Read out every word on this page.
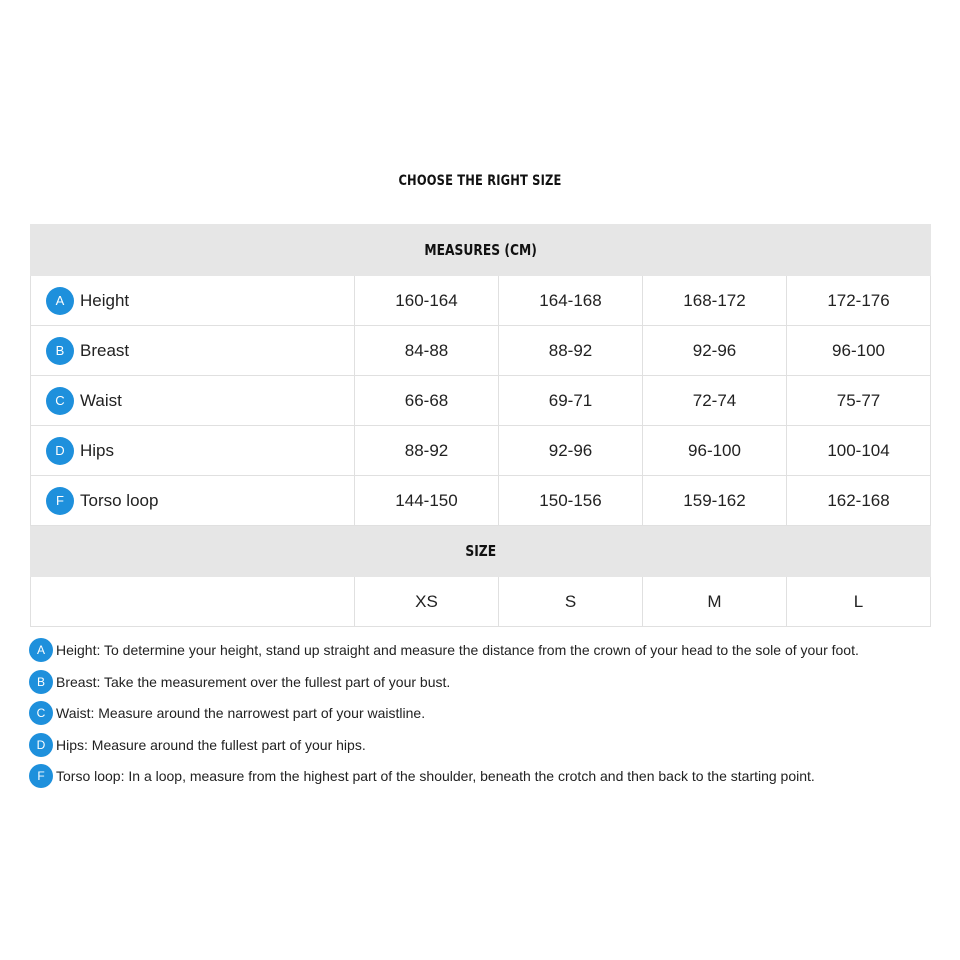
CHOOSE THE RIGHT SIZE
MEASURES (CM)				

A Height	160-164	164-168	168-172	172-176

B Breast	84-88	88-92	92-96	96-100

C Waist	66-68	69-71	72-74	75-77

D Hips	88-92	92-96	96-100	100-104

F Torso loop	144-150	150-156	159-162	162-168
SIZE				
	XS	S	M	L
A Height: To determine your height, stand up straight and measure the distance from the crown of your head to the sole of your foot.
B Breast: Take the measurement over the fullest part of your bust.
C Waist: Measure around the narrowest part of your waistline.
D Hips: Measure around the fullest part of your hips.
F Torso loop: In a loop, measure from the highest part of the shoulder, beneath the crotch and then back to the starting point.
